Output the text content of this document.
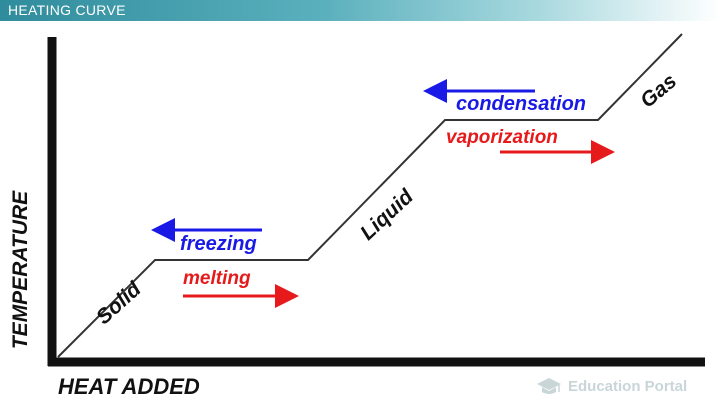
HEATING CURVE
Solid
Liquid
Gas
freezing
melting
condensation
vaporization
TEMPERATURE
HEAT ADDED	Education Portal
